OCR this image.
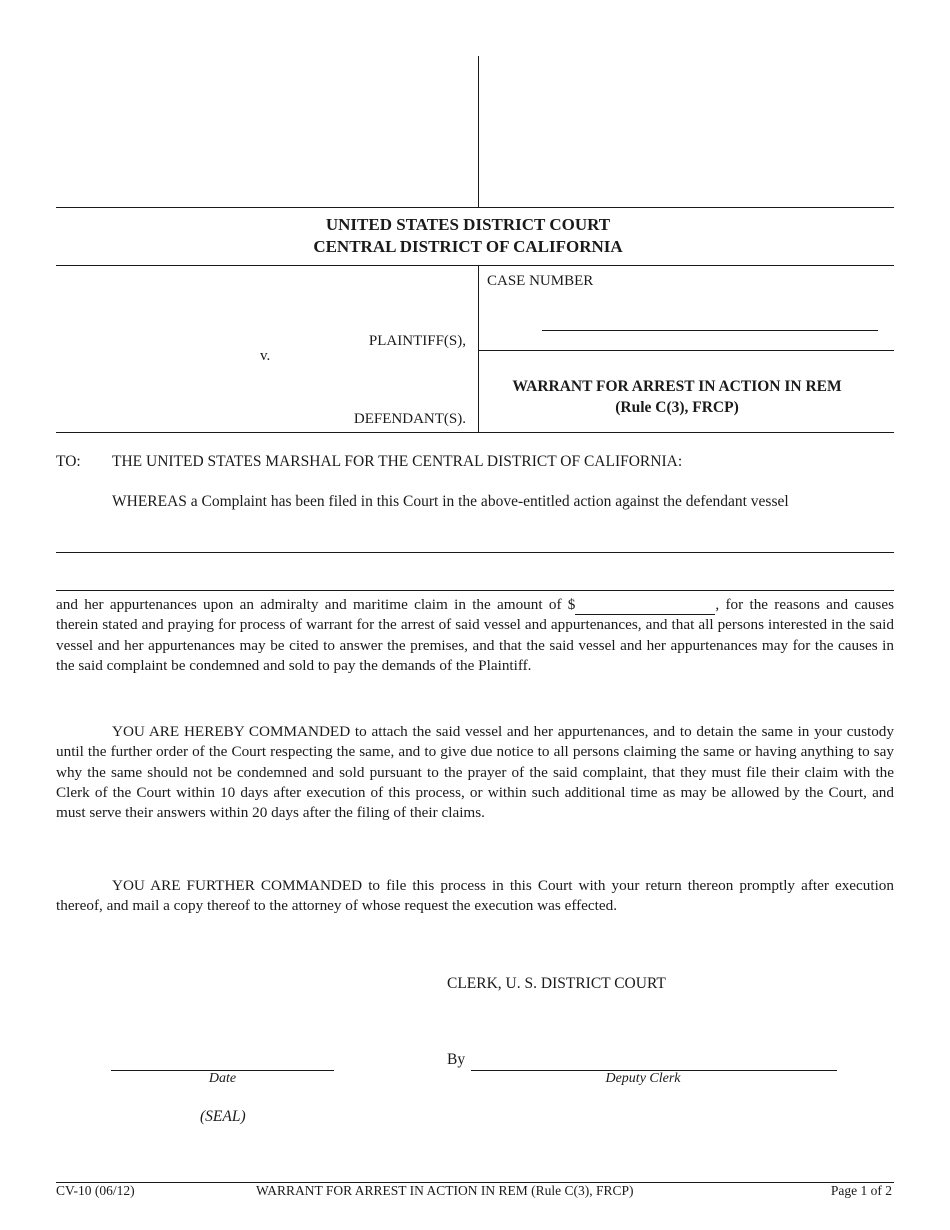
UNITED STATES DISTRICT COURT
CENTRAL DISTRICT OF CALIFORNIA
PLAINTIFF(S),
v.
DEFENDANT(S).
CASE NUMBER
WARRANT FOR ARREST IN ACTION IN REM
(Rule C(3), FRCP)
TO: THE UNITED STATES MARSHAL FOR THE CENTRAL DISTRICT OF CALIFORNIA:
WHEREAS a Complaint has been filed in this Court in the above-entitled action against the defendant vessel
and her appurtenances upon an admiralty and maritime claim in the amount of $	, for the reasons and causes therein stated and praying for process of warrant for the arrest of said vessel and appurtenances, and that all persons interested in the said vessel and her appurtenances may be cited to answer the premises, and that the said vessel and her appurtenances may for the causes in the said complaint be condemned and sold to pay the demands of the Plaintiff.
YOU ARE HEREBY COMMANDED to attach the said vessel and her appurtenances, and to detain the same in your custody until the further order of the Court respecting the same, and to give due notice to all persons claiming the same or having anything to say why the same should not be condemned and sold pursuant to the prayer of the said complaint, that they must file their claim with the Clerk of the Court within 10 days after execution of this process, or within such additional time as may be allowed by the Court, and must serve their answers within 20 days after the filing of their claims.
YOU ARE FURTHER COMMANDED to file this process in this Court with your return thereon promptly after execution thereof, and mail a copy thereof to the attorney of whose request the execution was effected.
CLERK, U. S. DISTRICT COURT
Date
By
Deputy Clerk
(SEAL)
CV-10 (06/12)	WARRANT FOR ARREST IN ACTION IN REM (Rule C(3), FRCP)	Page 1 of 2
